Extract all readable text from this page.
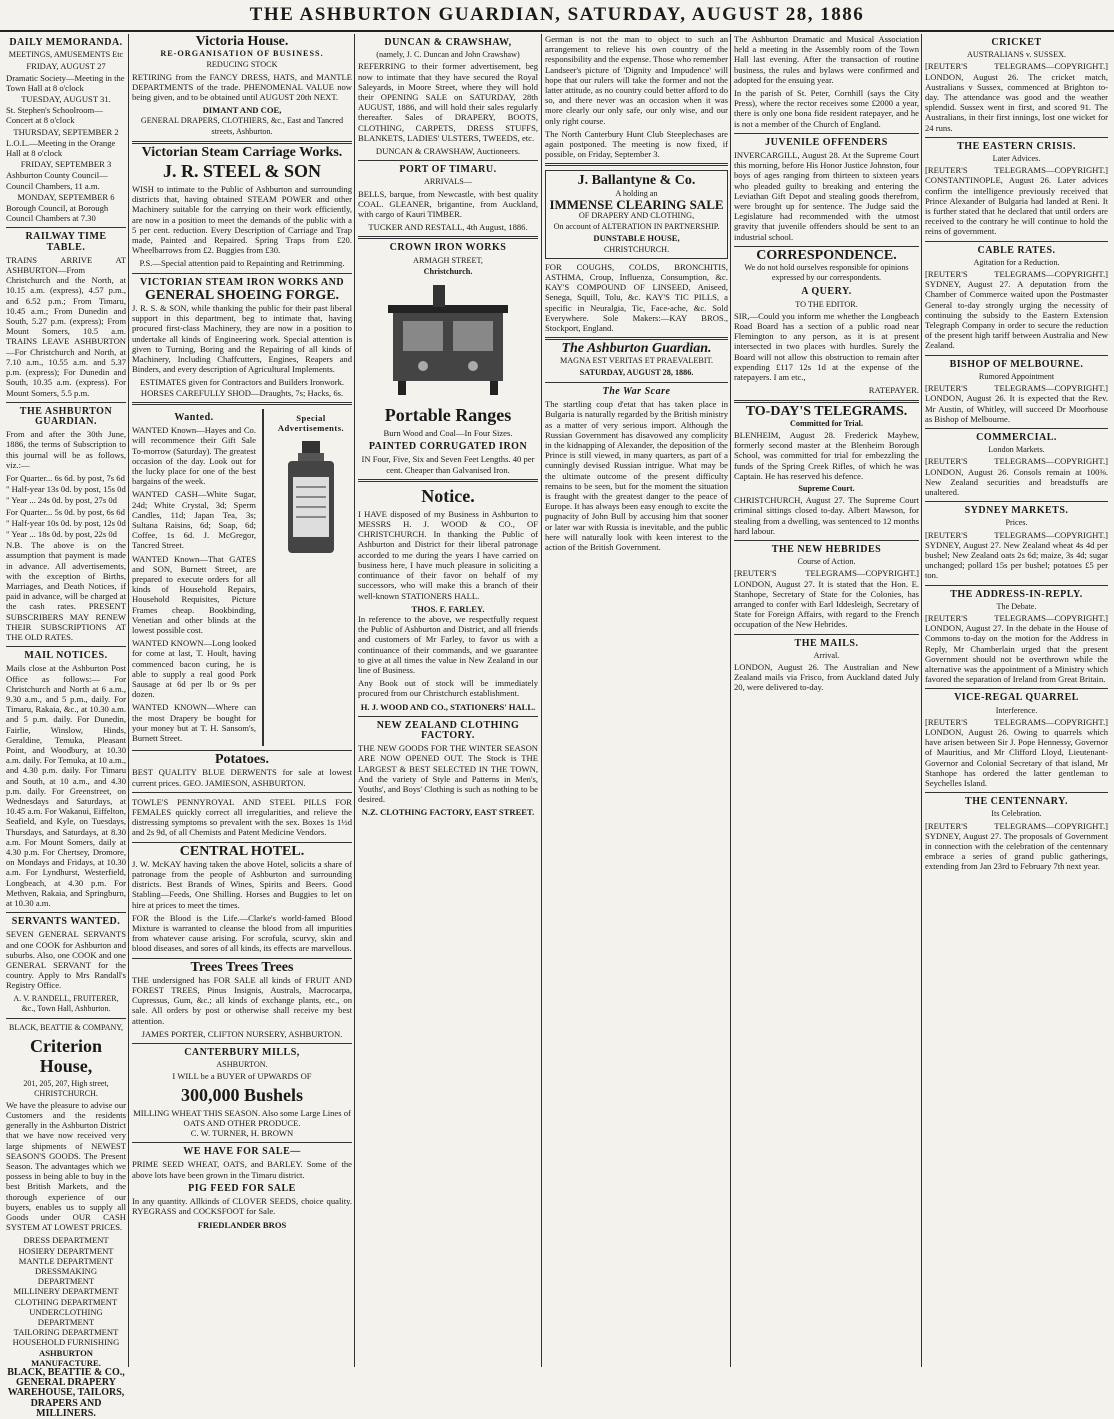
THE ASHBURTON GUARDIAN, SATURDAY, AUGUST 28, 1886
DAILY MEMORANDA.
MEETINGS, AMUSEMENTS Etc
FRIDAY, AUGUST 27
Dramatic Society—Meeting in the Town Hall at 8 o'clock
TUESDAY, AUGUST 31.
St. Stephen's Schoolroom—Concert at 8 o'clock
THURSDAY, SEPTEMBER 2
L.O.L.—Meeting in the Orange Hall at 8 o'clock
FRIDAY, SEPTEMBER 3
Ashburton County Council—Council Chambers, 11 a.m.
MONDAY, SEPTEMBER 6
Borough Council, at Borough Council Chambers at 7.30
RAILWAY TIME TABLE.

TRAINS ARRIVE AT ASHBURTON—From Christchurch and the North, at 10.15 a.m. (express), 4.57 p.m., and 6.52 p.m.; From Timaru, 10.45 a.m.; From Dunedin and South, 5.27 p.m. (express); From Mount Somers, 10.5 a.m. TRAINS LEAVE ASHBURTON—For Christchurch and North, at 7.10 a.m., 10.55 a.m. and 5.37 p.m. (express); For Dunedin and South, 10.35 a.m. (express). For Mount Somers, 5.5 p.m.

THE ASHBURTON GUARDIAN.

From and after the 30th June, 1886, the terms of Subscription to this journal will be as follows, viz.:—

For Quarter... 6s 6d. by post, 7s 6d
" Half-year 13s 0d. by post, 15s 0d
" Year ... 24s 0d. by post, 27s 0d
For Quarter... 5s 0d. by post, 6s 6d
" Half-year 10s 0d. by post, 12s 0d
" Year ... 18s 0d. by post, 22s 0d

N.B. The above is on the assumption that payment is made in advance. All advertisements, with the exception of Births, Marriages, and Death Notices, if paid in advance, will be charged at the cash rates. PRESENT SUBSCRIBERS MAY RENEW THEIR SUBSCRIPTIONS AT THE OLD RATES.

MAIL NOTICES.

Mails close at the Ashburton Post Office as follows:— For Christchurch and North at 6 a.m., 9.30 a.m., and 5 p.m., daily. For Timaru, Rakaia, &c., at 10.30 a.m. and 5 p.m. daily. For Dunedin, Fairlie, Winslow, Hinds, Geraldine, Temuka, Pleasant Point, and Woodbury, at 10.30 a.m. daily. For Temuka, at 10 a.m., and 4.30 p.m. daily. For Timaru and South, at 10 a.m., and 4.30 p.m. daily. For Greenstreet, on Wednesdays and Saturdays, at 10.45 a.m. For Wakanui, Eiffelton, Seafield, and Kyle, on Tuesdays, Thursdays, and Saturdays, at 8.30 a.m. For Mount Somers, daily at 4.30 p.m. For Chertsey, Dromore, on Mondays and Fridays, at 10.30 a.m. For Lyndhurst, Westerfield, Longbeach, at 4.30 p.m. For Methven, Rakaia, and Springburn, at 10.30 a.m.

SERVANTS WANTED.

SEVEN GENERAL SERVANTS and one COOK for Ashburton and suburbs. Also, one COOK and one GENERAL SERVANT for the country. Apply to Mrs Randall's Registry Office.

A. V. RANDELL, FRUITERER, &c., Town Hall, Ashburton.
BLACK, BEATTIE & COMPANY,
Criterion House,
201, 205, 207, High street, CHRISTCHURCH.

We have the pleasure to advise our Customers and the residents generally in the Ashburton District that we have now received very large shipments of NEWEST SEASON'S GOODS. The Present Season. The advantages which we possess in being able to buy in the best British Markets, and the thorough experience of our buyers, enables us to supply all Goods under OUR CASH SYSTEM AT LOWEST PRICES.

DRESS DEPARTMENT
HOSIERY DEPARTMENT
MANTLE DEPARTMENT
DRESSMAKING DEPARTMENT
MILLINERY DEPARTMENT
CLOTHING DEPARTMENT
UNDERCLOTHING DEPARTMENT
TAILORING DEPARTMENT
HOUSEHOLD FURNISHING
ASHBURTON MANUFACTURE.
BLACK, BEATTIE & CO., GENERAL DRAPERY WAREHOUSE, TAILORS, DRAPERS AND MILLINERS.
Victoria House.
RE-ORGANISATION OF BUSINESS.
REDUCING STOCK

RETIRING from the FANCY DRESS, HATS, and MANTLE DEPARTMENTS of the trade. PHENOMENAL VALUE now being given, and to be obtained until AUGUST 20th NEXT.

DIMANT AND COE,
GENERAL DRAPERS, CLOTHIERS, &c., East and Tancred streets, Ashburton.
Victorian Steam Carriage Works.
J. R. STEEL & SON

WISH to intimate to the Public of Ashburton and surrounding districts that, having obtained STEAM POWER and other Machinery suitable for the carrying on their work efficiently, are now in a position to meet the demands of the public with a 5 per cent. reduction. Every Description of Carriage and Trap made, Painted and Repaired. Spring Traps from £20. Wheelbarrows from £2. Buggies from £30.

P.S.—Special attention paid to Repainting and Retrimming.
VICTORIAN STEAM IRON WORKS AND
GENERAL SHOEING FORGE.

J. R. S. & SON, while thanking the public for their past liberal support in this department, beg to intimate that, having procured first-class Machinery, they are now in a position to undertake all kinds of Engineering work. Special attention is given to Turning, Boring and the Repairing of all kinds of Machinery, Including Chaffcutters, Engines, Reapers and Binders, and every description of Agricultural Implements.

ESTIMATES given for Contractors and Builders Ironwork.
HORSES CAREFULLY SHOD—Draughts, 7s; Hacks, 6s.
Wanted.

WANTED Known—Hayes and Co. will recommence their Gift Sale To-morrow (Saturday). The greatest occasion of the day. Look out for the lucky place for one of the best bargains of the week.

WANTED CASH—White Sugar, 24d; White Crystal, 3d; Sperm Candles, 11d; Japan Tea, 3s; Sultana Raisins, 6d; Soap, 6d; Coffee, 1s 6d. J. McGregor, Tancred Street.

WANTED Known—That GATES and SON, Burnett Street, are prepared to execute orders for all kinds of Household Repairs, Household Requisites, Picture Frames cheap. Bookbinding, Venetian and other blinds at the lowest possible cost.

WANTED KNOWN—Long looked for come at last, T. Hoult, having commenced bacon curing, he is able to supply a real good Pork Sausage at 6d per lb or 9s per dozen.

WANTED KNOWN—Where can the most Drapery be bought for your money but at T. H. Sansom's, Burnett Street.

Special Advertisements.
Potatoes.

BEST QUALITY BLUE DERWENTS for sale at lowest current prices. GEO. JAMIESON, ASHBURTON.

TOWLE'S PENNYROYAL AND STEEL PILLS FOR FEMALES quickly correct all irregularities, and relieve the distressing symptoms so prevalent with the sex. Boxes 1s 1½d and 2s 9d, of all Chemists and Patent Medicine Vendors.

CENTRAL HOTEL.

J. W. McKAY having taken the above Hotel, solicits a share of patronage from the people of Ashburton and surrounding districts. Best Brands of Wines, Spirits and Beers. Good Stabling—Feeds, One Shilling. Horses and Buggies to let on hire at prices to meet the times.

FOR the Blood is the Life.—Clarke's world-famed Blood Mixture is warranted to cleanse the blood from all impurities from whatever cause arising. For scrofula, scurvy, skin and blood diseases, and sores of all kinds, its effects are marvellous.

Trees Trees Trees

THE undersigned has FOR SALE all kinds of FRUIT AND FOREST TREES, Pinus Insignis, Australs, Macrocarpa, Cupressus, Gum, &c.; all kinds of exchange plants, etc., on sale. All orders by post or otherwise shall receive my best attention.

JAMES PORTER, CLIFTON NURSERY, ASHBURTON.
CANTERBURY MILLS,
ASHBURTON.
I WILL be a BUYER of UPWARDS OF
300,000 Bushels
MILLING WHEAT THIS SEASON. Also some Large Lines of OATS AND OTHER PRODUCE.
C. W. TURNER, H. BROWN
WE HAVE FOR SALE—

PRIME SEED WHEAT, OATS, and BARLEY. Some of the above lots have been grown in the Timaru district.

PIG FEED FOR SALE

In any quantity. Allkinds of CLOVER SEEDS, choice quality. RYEGRASS and COCKSFOOT for Sale.

FRIEDLANDER BROS
DUNCAN & CRAWSHAW,
(namely, J. C. Duncan and John Crawshaw)

REFERRING to their former advertisement, beg now to intimate that they have secured the Royal Saleyards, in Moore Street, where they will hold their OPENING SALE on SATURDAY, 28th AUGUST, 1886, and will hold their sales regularly thereafter. Sales of DRAPERY, BOOTS, CLOTHING, CARPETS, DRESS STUFFS, BLANKETS, LADIES' ULSTERS, TWEEDS, etc.

DUNCAN & CRAWSHAW, Auctioneers.
PORT OF TIMARU.
ARRIVALS—

BELLS, barque, from Newcastle, with best quality COAL. GLEANER, brigantine, from Auckland, with cargo of Kauri TIMBER.

TUCKER AND RESTALL, 4th August, 1886.
CROWN IRON WORKS
ARMAGH STREET,
Christchurch.
Portable Ranges
Burn Wood and Coal—In Four Sizes.
PAINTED CORRUGATED IRON

IN Four, Five, Six and Seven Feet Lengths. 40 per cent. Cheaper than Galvanised Iron.

Notice.

I HAVE disposed of my Business in Ashburton to MESSRS H. J. WOOD & CO., OF CHRISTCHURCH. In thanking the Public of Ashburton and District for their liberal patronage accorded to me during the years I have carried on business here, I have much pleasure in soliciting a continuance of their favor on behalf of my successors, who will make this a branch of their well-known STATIONERS HALL.

THOS. F. FARLEY.

In reference to the above, we respectfully request the Public of Ashburton and District, and all friends and customers of Mr Farley, to favor us with a continuance of their commands, and we guarantee to give at all times the value in New Zealand in our line of Business.

Any Book out of stock will be immediately procured from our Christchurch establishment.

H. J. WOOD AND CO., STATIONERS' HALL.
NEW ZEALAND CLOTHING FACTORY.

THE NEW GOODS FOR THE WINTER SEASON ARE NOW OPENED OUT. The Stock is THE LARGEST & BEST SELECTED IN THE TOWN, And the variety of Style and Patterns in Men's, Youths', and Boys' Clothing is such as nothing to be desired.

N.Z. CLOTHING FACTORY, EAST STREET.

German is not the man to object to such an arrangement to relieve his own country of the responsibility and the expense. Those who remember Landseer's picture of 'Dignity and Impudence' will hope that our rulers will take the former and not the latter attitude, as no country could better afford to do so, and there never was an occasion when it was more clearly our only safe, our only wise, and our only right course.

The North Canterbury Hunt Club Steeplechases are again postponed. The meeting is now fixed, if possible, on Friday, September 3.

J. Ballantyne & Co.
A holding an
IMMENSE CLEARING SALE
OF DRAPERY AND CLOTHING,
On account of ALTERATION IN PARTNERSHIP.
DUNSTABLE HOUSE,
CHRISTCHURCH.

FOR COUGHS, COLDS, BRONCHITIS, ASTHMA, Croup, Influenza, Consumption, &c. KAY'S COMPOUND OF LINSEED, Aniseed, Senega, Squill, Tolu, &c. KAY'S TIC PILLS, a specific in Neuralgia, Tic, Face-ache, &c. Sold Everywhere. Sole Makers:—KAY BROS., Stockport, England.

The Ashburton Guardian.
MAGNA EST VERITAS ET PRAEVALEBIT.
SATURDAY, AUGUST 28, 1886.
The War Scare

The startling coup d'etat that has taken place in Bulgaria is naturally regarded by the British ministry as a matter of very serious import. Although the Russian Government has disavowed any complicity in the kidnapping of Alexander, the deposition of the Prince is still viewed, in many quarters, as part of a cunningly devised Russian intrigue. What may be the ultimate outcome of the present difficulty remains to be seen, but for the moment the situation is fraught with the greatest danger to the peace of Europe. It has always been easy enough to excite the pugnacity of John Bull by accusing him that sooner or later war with Russia is inevitable, and the public here will naturally look with keen interest to the action of the British Government.

The Ashburton Dramatic and Musical Association held a meeting in the Assembly room of the Town Hall last evening. After the transaction of routine business, the rules and bylaws were confirmed and adopted for the ensuing year.

In the parish of St. Peter, Cornhill (says the City Press), where the rector receives some £2000 a year, there is only one bona fide resident ratepayer, and he is not a member of the Church of England.

JUVENILE OFFENDERS

INVERCARGILL, August 28. At the Supreme Court this morning, before His Honor Justice Johnston, four boys of ages ranging from thirteen to sixteen years who pleaded guilty to breaking and entering the Leviathan Gift Depot and stealing goods therefrom, were brought up for sentence. The Judge said the Legislature had recommended with the utmost gravity that juvenile offenders should be sent to an industrial school.

CORRESPONDENCE.
We do not hold ourselves responsible for opinions expressed by our correspondents.
A QUERY.
TO THE EDITOR.

SIR,—Could you inform me whether the Longbeach Road Board has a section of a public road near Flemington to any person, as it is at present intersected in two places with hurdles. Surely the Board will not allow this obstruction to remain after expending £117 12s 1d at the expense of the ratepayers. I am etc.,

RATEPAYER.
TO-DAY'S TELEGRAMS.
Committed for Trial.

BLENHEIM, August 28. Frederick Mayhew, formerly second master at the Blenheim Borough School, was committed for trial for embezzling the funds of the Spring Creek Rifles, of which he was Captain. He has reserved his defence.

Supreme Court.

CHRISTCHURCH, August 27. The Supreme Court criminal sittings closed to-day. Albert Mawson, for stealing from a dwelling, was sentenced to 12 months hard labour.

THE NEW HEBRIDES
Course of Action.

[REUTER'S TELEGRAMS—COPYRIGHT.] LONDON, August 27. It is stated that the Hon. E. Stanhope, Secretary of State for the Colonies, has arranged to confer with Earl Iddesleigh, Secretary of State for Foreign Affairs, with regard to the French occupation of the New Hebrides.

THE MAILS.
Arrival.

LONDON, August 26. The Australian and New Zealand mails via Frisco, from Auckland dated July 20, were delivered to-day.

CRICKET
AUSTRALIANS v. SUSSEX.

[REUTER'S TELEGRAMS—COPYRIGHT.] LONDON, August 26. The cricket match, Australians v Sussex, commenced at Brighton to-day. The attendance was good and the weather splendid. Sussex went in first, and scored 91. The Australians, in their first innings, lost one wicket for 24 runs.

THE EASTERN CRISIS.
Later Advices.

[REUTER'S TELEGRAMS—COPYRIGHT.] CONSTANTINOPLE, August 26. Later advices confirm the intelligence previously received that Prince Alexander of Bulgaria had landed at Reni. It is further stated that he declared that until orders are received to the contrary he will continue to hold the reins of government.

CABLE RATES.
Agitation for a Reduction.

[REUTER'S TELEGRAMS—COPYRIGHT.] SYDNEY, August 27. A deputation from the Chamber of Commerce waited upon the Postmaster General to-day strongly urging the necessity of continuing the subsidy to the Eastern Extension Telegraph Company in order to secure the reduction of the present high tariff between Australia and New Zealand.

BISHOP OF MELBOURNE.
Rumored Appointment

[REUTER'S TELEGRAMS—COPYRIGHT.] LONDON, August 26. It is expected that the Rev. Mr Austin, of Whitley, will succeed Dr Moorhouse as Bishop of Melbourne.

COMMERCIAL.
London Markets.

[REUTER'S TELEGRAMS—COPYRIGHT.] LONDON, August 26. Consols remain at 100⅜. New Zealand securities and breadstuffs are unaltered.

SYDNEY MARKETS.
Prices.

[REUTER'S TELEGRAMS—COPYRIGHT.] SYDNEY, August 27. New Zealand wheat 4s 4d per bushel; New Zealand oats 2s 6d; maize, 3s 4d; sugar unchanged; pollard 15s per bushel; potatoes £5 per ton.

THE ADDRESS-IN-REPLY.
The Debate.

[REUTER'S TELEGRAMS—COPYRIGHT.] LONDON, August 27. In the debate in the House of Commons to-day on the motion for the Address in Reply, Mr Chamberlain urged that the present Government should not be overthrown while the alternative was the appointment of a Ministry which favored the separation of Ireland from Great Britain.

VICE-REGAL QUARREL
Interference.

[REUTER'S TELEGRAMS—COPYRIGHT.] LONDON, August 26. Owing to quarrels which have arisen between Sir J. Pope Hennessy, Governor of Mauritius, and Mr Clifford Lloyd, Lieutenant-Governor and Colonial Secretary of that island, Mr Stanhope has ordered the latter gentleman to Seychelles Island.

THE CENTENNARY.
Its Celebration.

[REUTER'S TELEGRAMS—COPYRIGHT.] SYDNEY, August 27. The proposals of Government in connection with the celebration of the centennary embrace a series of grand public gatherings, extending from Jan 23rd to February 7th next year.
